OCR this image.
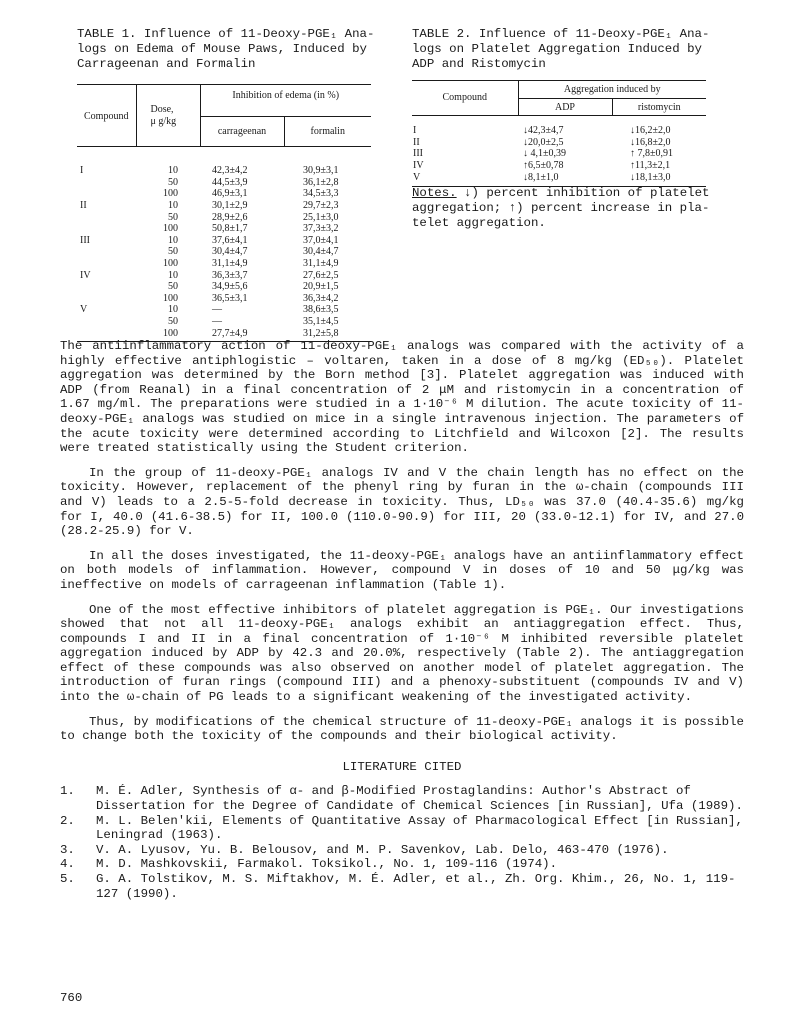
TABLE 1. Influence of 11-Deoxy-PGE₁ Ana-
logs on Edema of Mouse Paws, Induced by
Carrageenan and Formalin
Compound	Dose,
μ g/kg	Inhibition of edema (in %)	
		carrageenan	formalin

I	10	42,3±4,2	30,9±3,1
	50	44,5±3,9	36,1±2,8
	100	46,9±3,1	34,5±3,3
II	10	30,1±2,9	29,7±2,3
	50	28,9±2,6	25,1±3,0
	100	50,8±1,7	37,3±3,2
III	10	37,6±4,1	37,0±4,1
	50	30,4±4,7	30,4±4,7
	100	31,1±4,9	31,1±4,9
IV	10	36,3±3,7	27,6±2,5
	50	34,9±5,6	20,9±1,5
	100	36,5±3,1	36,3±4,2
V	10	—	38,6±3,5
	50	—	35,1±4,5
	100	27,7±4,9	31,2±5,8

TABLE 2. Influence of 11-Deoxy-PGE₁ Ana-
logs on Platelet Aggregation Induced by
ADP and Ristomycin
Compound	Aggregation induced by	
	ADP	ristomycin

I	↓42,3±4,7	↓16,2±2,0
II	↓20,0±2,5	↓16,8±2,0
III	↓ 4,1±0,39	↑ 7,8±0,91
IV	↑6,5±0,78	↑11,3±2,1
V	↓8,1±1,0	↓18,1±3,0

Notes. ↓) percent inhibition of platelet
aggregation; ↑) percent increase in pla-
telet aggregation.

The antiinflammatory action of 11-deoxy-PGE₁ analogs was compared with the activity of a highly effective antiphlogistic – voltaren, taken in a dose of 8 mg/kg (ED₅₀). Platelet aggregation was determined by the Born method [3]. Platelet aggregation was induced with ADP (from Reanal) in a final concentration of 2 μM and ristomycin in a concentration of 1.67 mg/ml. The preparations were studied in a 1·10⁻⁶ M dilution. The acute toxicity of 11-deoxy-PGE₁ analogs was studied on mice in a single intravenous injection. The parameters of the acute toxicity were determined according to Litchfield and Wilcoxon [2]. The results were treated statistically using the Student criterion.

In the group of 11-deoxy-PGE₁ analogs IV and V the chain length has no effect on the toxicity. However, replacement of the phenyl ring by furan in the ω-chain (compounds III and V) leads to a 2.5-5-fold decrease in toxicity. Thus, LD₅₀ was 37.0 (40.4-35.6) mg/kg for I, 40.0 (41.6-38.5) for II, 100.0 (110.0-90.9) for III, 20 (33.0-12.1) for IV, and 27.0 (28.2-25.9) for V.

In all the doses investigated, the 11-deoxy-PGE₁ analogs have an antiinflammatory effect on both models of inflammation. However, compound V in doses of 10 and 50 μg/kg was ineffective on models of carrageenan inflammation (Table 1).

One of the most effective inhibitors of platelet aggregation is PGE₁. Our investigations showed that not all 11-deoxy-PGE₁ analogs exhibit an antiaggregation effect. Thus, compounds I and II in a final concentration of 1·10⁻⁶ M inhibited reversible platelet aggregation induced by ADP by 42.3 and 20.0%, respectively (Table 2). The antiaggregation effect of these compounds was also observed on another model of platelet aggregation. The introduction of furan rings (compound III) and a phenoxy-substituent (compounds IV and V) into the ω-chain of PG leads to a significant weakening of the investigated activity.

Thus, by modifications of the chemical structure of 11-deoxy-PGE₁ analogs it is possible to change both the toxicity of the compounds and their biological activity.

LITERATURE CITED
1. M. É. Adler, Synthesis of α- and β-Modified Prostaglandins: Author's Abstract of Dissertation for the Degree of Candidate of Chemical Sciences [in Russian], Ufa (1989).
2. M. L. Belen'kii, Elements of Quantitative Assay of Pharmacological Effect [in Russian], Leningrad (1963).
3. V. A. Lyusov, Yu. B. Belousov, and M. P. Savenkov, Lab. Delo, 463-470 (1976).
4. M. D. Mashkovskii, Farmakol. Toksikol., No. 1, 109-116 (1974).
5. G. A. Tolstikov, M. S. Miftakhov, M. É. Adler, et al., Zh. Org. Khim., 26, No. 1, 119-127 (1990).
760
